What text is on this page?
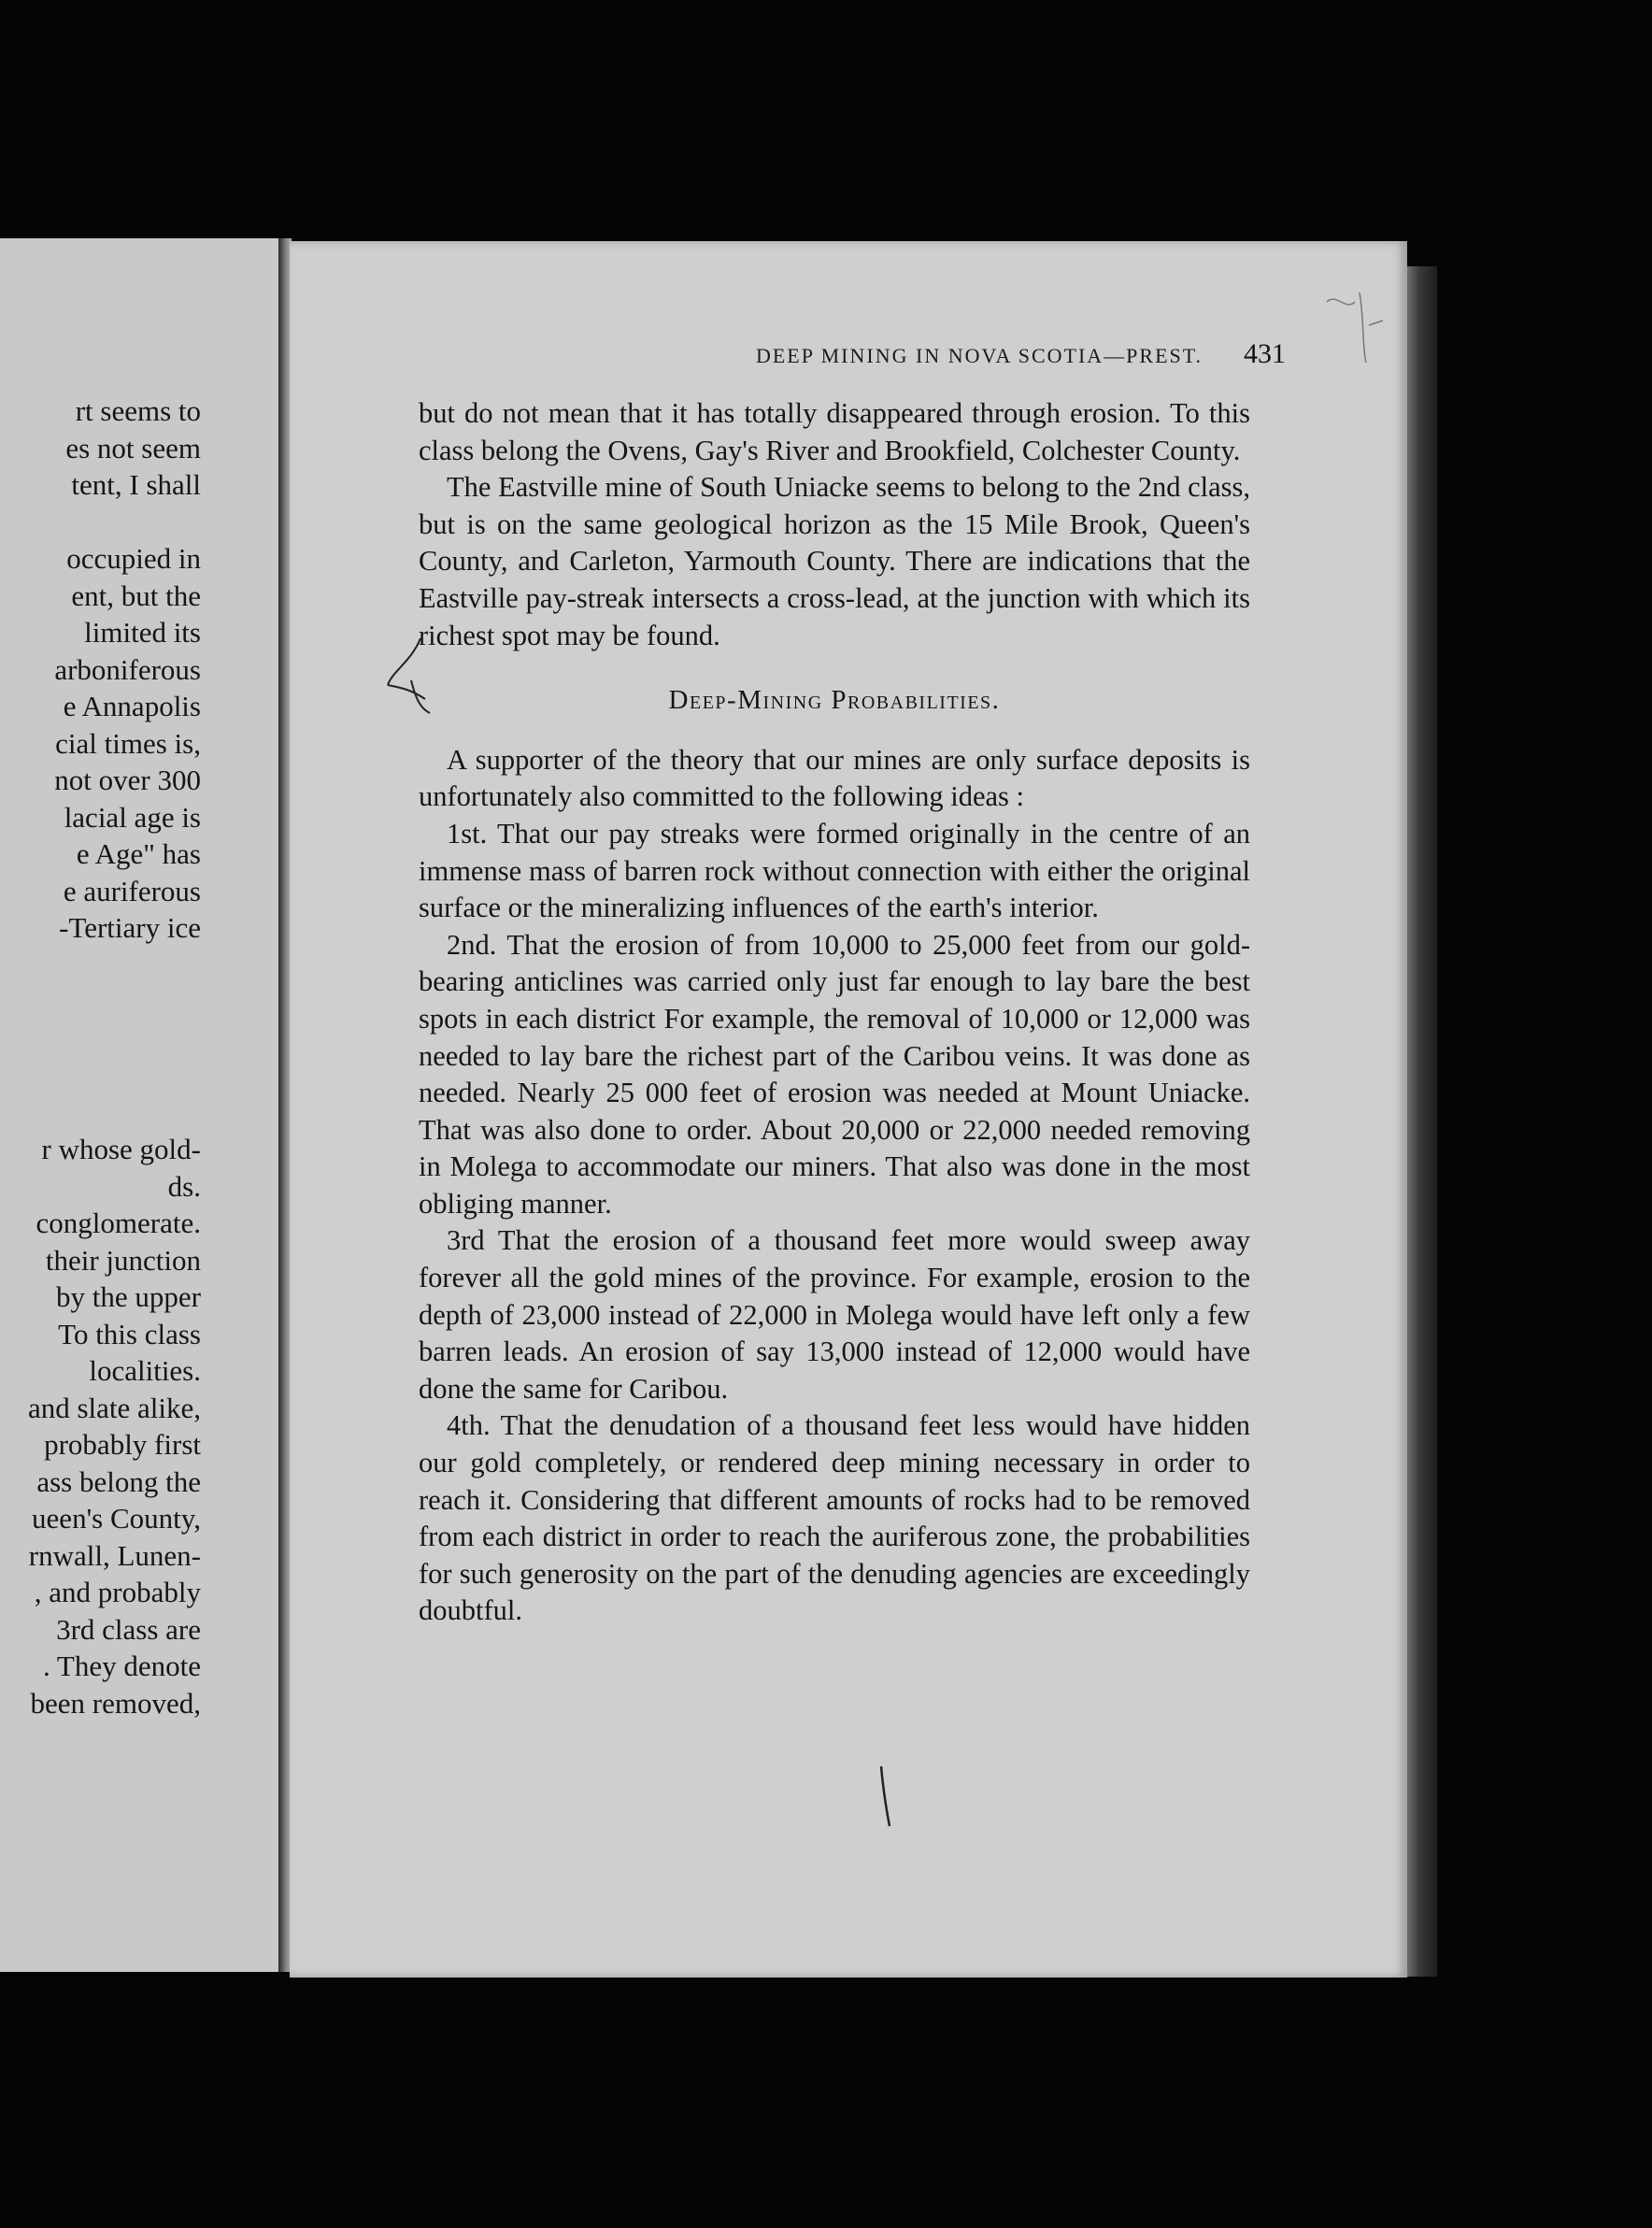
rt seems to
es not seem
tent, I shall
occupied in
ent, but the
limited its
arboniferous
e Annapolis
cial times is,
not over 300
lacial age is
e Age" has
e auriferous
-Tertiary ice
r whose gold-
ds.
conglomerate.
their junction
by the upper
To this class
localities.
and slate alike,
probably first
ass belong the
ueen's County,
rnwall, Lunen-
, and probably
3rd class are
. They denote
been removed,
DEEP MINING IN NOVA SCOTIA—PREST.	431

but do not mean that it has totally disappeared through erosion. To this class belong the Ovens, Gay's River and Brookfield, Colchester County.

The Eastville mine of South Uniacke seems to belong to the 2nd class, but is on the same geological horizon as the 15 Mile Brook, Queen's County, and Carleton, Yarmouth County. There are indications that the Eastville pay-streak intersects a cross-lead, at the junction with which its richest spot may be found.

Deep-Mining Probabilities.

A supporter of the theory that our mines are only surface deposits is unfortunately also committed to the following ideas :

1st. That our pay streaks were formed originally in the centre of an immense mass of barren rock without connection with either the original surface or the mineralizing influences of the earth's interior.

2nd. That the erosion of from 10,000 to 25,000 feet from our gold-bearing anticlines was carried only just far enough to lay bare the best spots in each district For example, the removal of 10,000 or 12,000 was needed to lay bare the richest part of the Caribou veins. It was done as needed. Nearly 25 000 feet of erosion was needed at Mount Uniacke. That was also done to order. About 20,000 or 22,000 needed removing in Molega to accommodate our miners. That also was done in the most obliging manner.

3rd That the erosion of a thousand feet more would sweep away forever all the gold mines of the province. For example, erosion to the depth of 23,000 instead of 22,000 in Molega would have left only a few barren leads. An erosion of say 13,000 instead of 12,000 would have done the same for Caribou.

4th. That the denudation of a thousand feet less would have hidden our gold completely, or rendered deep mining necessary in order to reach it. Considering that different amounts of rocks had to be removed from each district in order to reach the auriferous zone, the probabilities for such generosity on the part of the denuding agencies are exceedingly doubtful.
